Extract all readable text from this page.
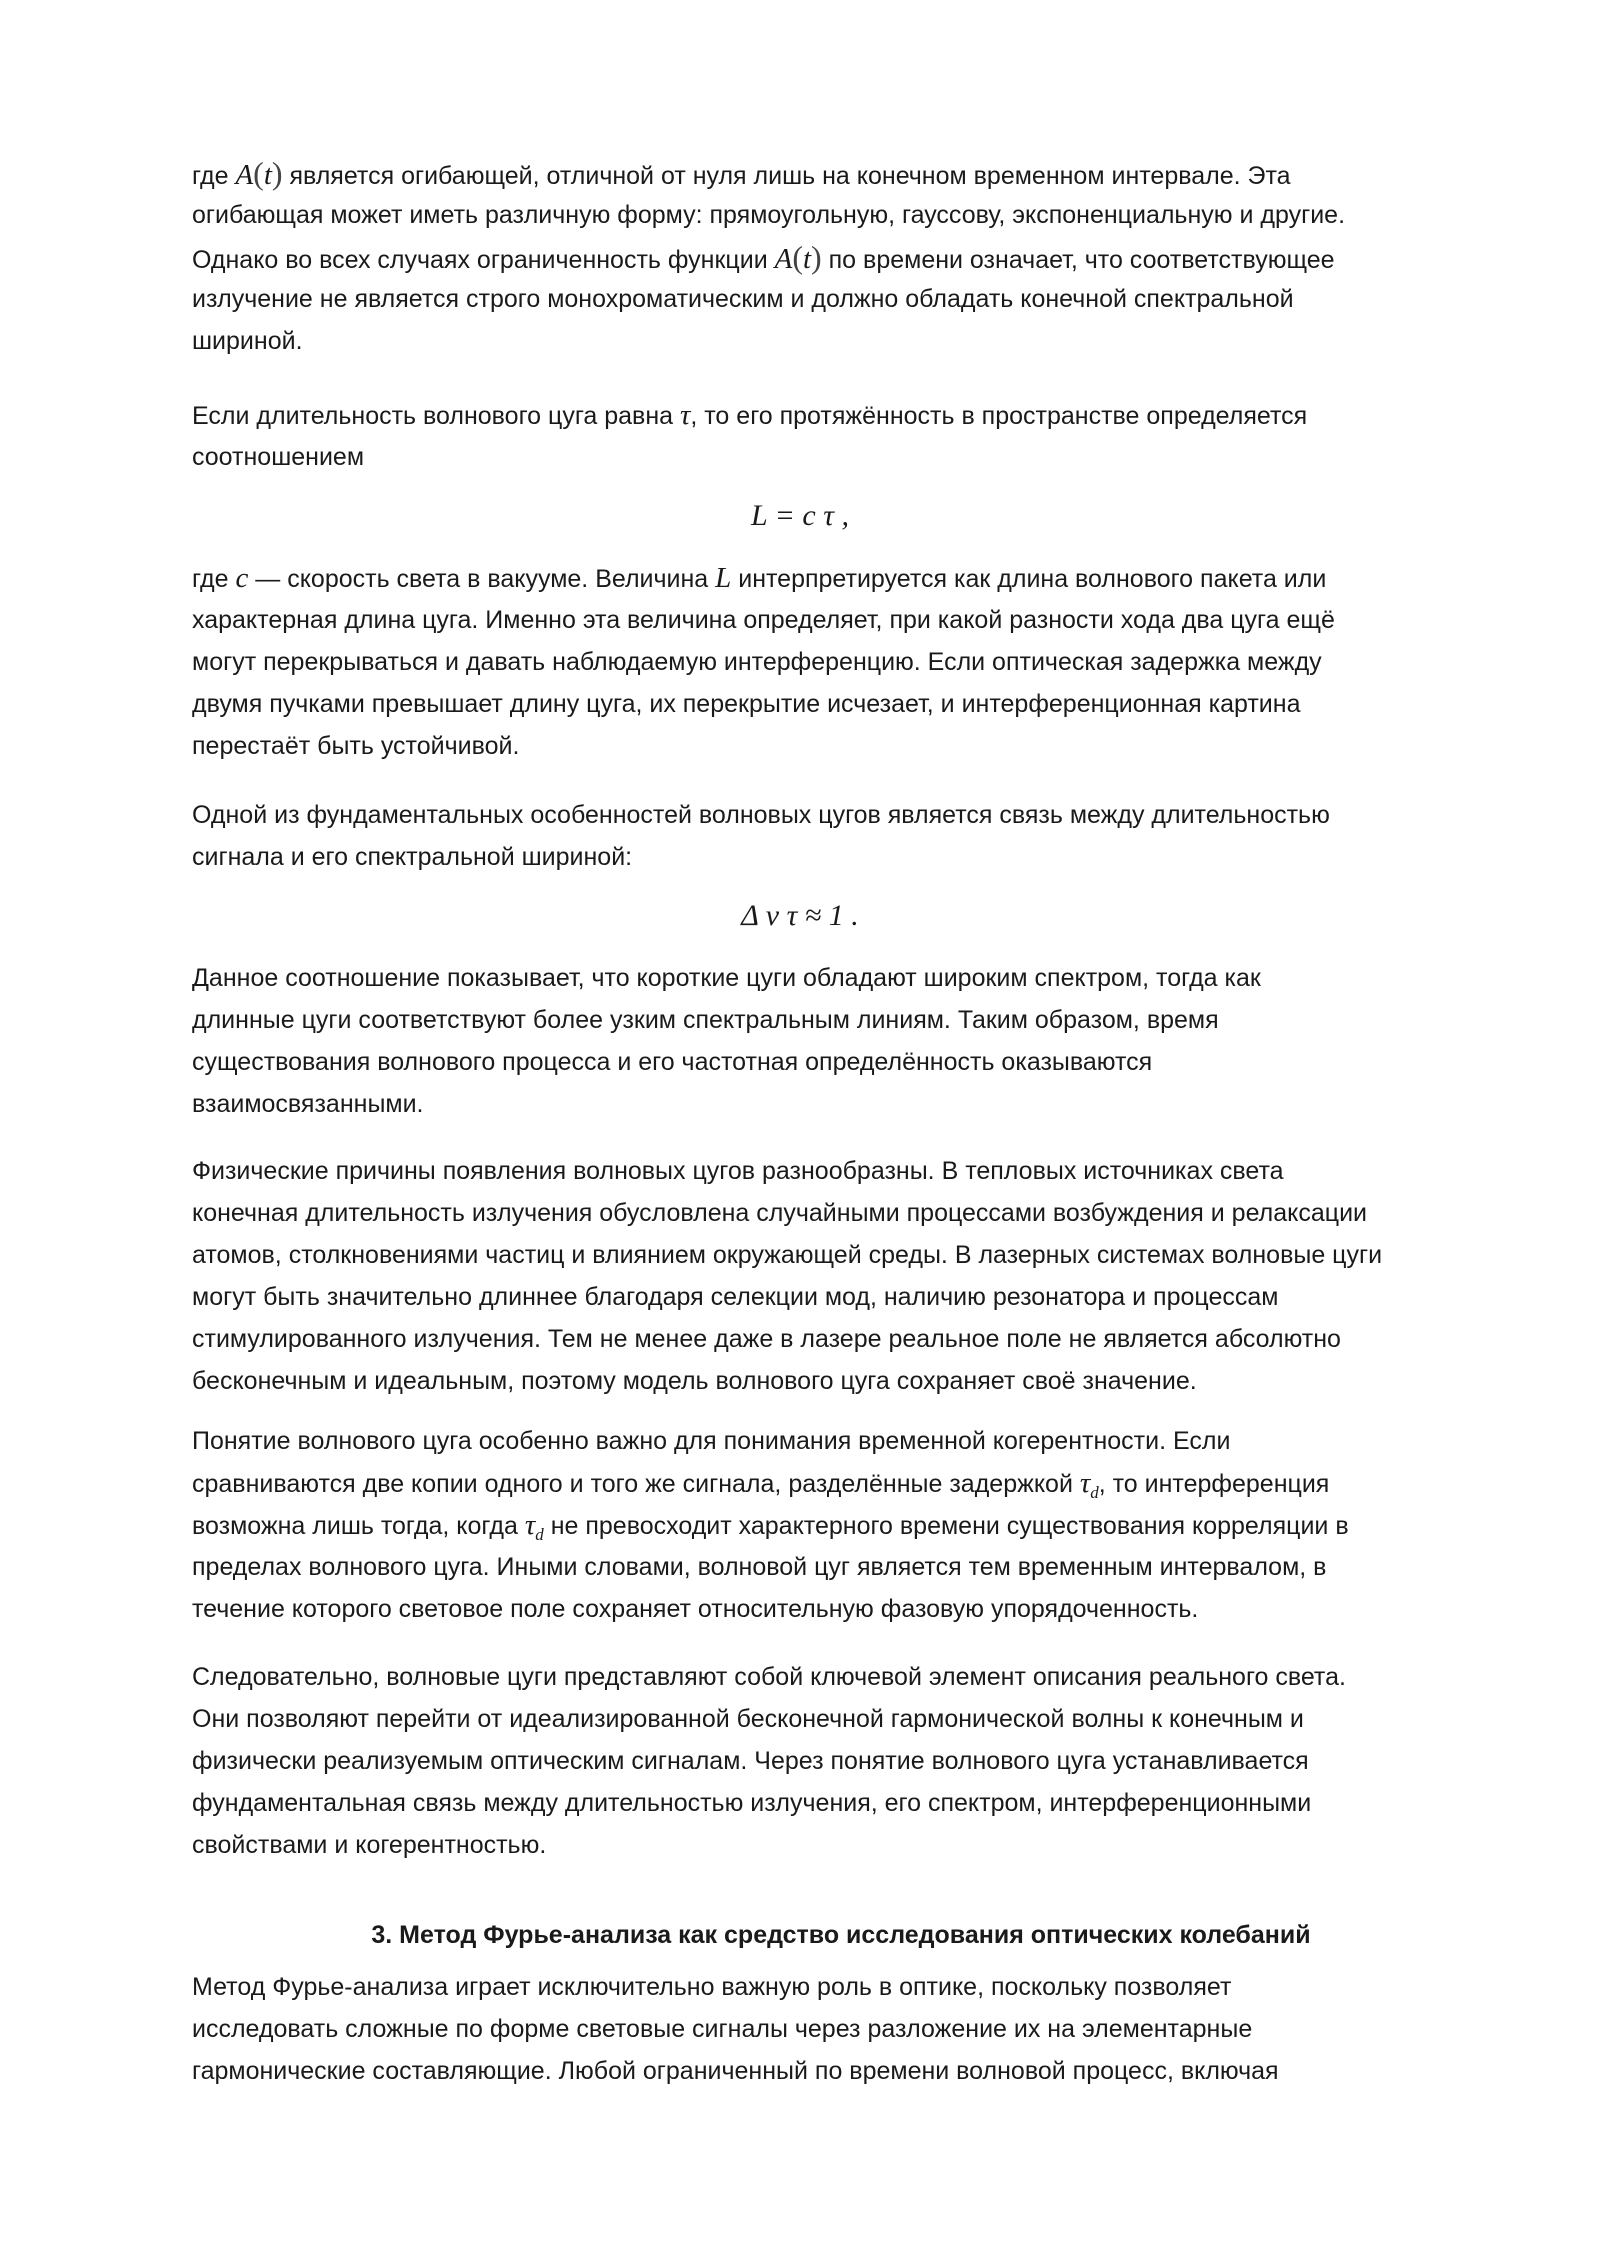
где A(t) является огибающей, отличной от нуля лишь на конечном временном интервале. Эта
огибающая может иметь различную форму: прямоугольную, гауссову, экспоненциальную и другие.
Однако во всех случаях ограниченность функции A(t) по времени означает, что соответствующее
излучение не является строго монохроматическим и должно обладать конечной спектральной
шириной.
Если длительность волнового цуга равна τ, то его протяжённость в пространстве определяется
соотношением

L = c τ ,

где c — скорость света в вакууме. Величина L интерпретируется как длина волнового пакета или
характерная длина цуга. Именно эта величина определяет, при какой разности хода два цуга ещё
могут перекрываться и давать наблюдаемую интерференцию. Если оптическая задержка между
двумя пучками превышает длину цуга, их перекрытие исчезает, и интерференционная картина
перестаёт быть устойчивой.
Одной из фундаментальных особенностей волновых цугов является связь между длительностью
сигнала и его спектральной шириной:

Δ ν τ ≈ 1 .

Данное соотношение показывает, что короткие цуги обладают широким спектром, тогда как
длинные цуги соответствуют более узким спектральным линиям. Таким образом, время
существования волнового процесса и его частотная определённость оказываются
взаимосвязанными.
Физические причины появления волновых цугов разнообразны. В тепловых источниках света
конечная длительность излучения обусловлена случайными процессами возбуждения и релаксации
атомов, столкновениями частиц и влиянием окружающей среды. В лазерных системах волновые цуги
могут быть значительно длиннее благодаря селекции мод, наличию резонатора и процессам
стимулированного излучения. Тем не менее даже в лазере реальное поле не является абсолютно
бесконечным и идеальным, поэтому модель волнового цуга сохраняет своё значение.
Понятие волнового цуга особенно важно для понимания временной когерентности. Если
сравниваются две копии одного и того же сигнала, разделённые задержкой $\tau_d$, то интерференция
возможна лишь тогда, когда $\tau_d$ не превосходит характерного времени существования корреляции в
пределах волнового цуга. Иными словами, волновой цуг является тем временным интервалом, в
течение которого световое поле сохраняет относительную фазовую упорядоченность.
Следовательно, волновые цуги представляют собой ключевой элемент описания реального света.
Они позволяют перейти от идеализированной бесконечной гармонической волны к конечным и
физически реализуемым оптическим сигналам. Через понятие волнового цуга устанавливается
фундаментальная связь между длительностью излучения, его спектром, интерференционными
свойствами и когерентностью.
3. Метод Фурье-анализа как средство исследования оптических колебаний
Метод Фурье-анализа играет исключительно важную роль в оптике, поскольку позволяет
исследовать сложные по форме световые сигналы через разложение их на элементарные
гармонические составляющие. Любой ограниченный по времени волновой процесс, включая
